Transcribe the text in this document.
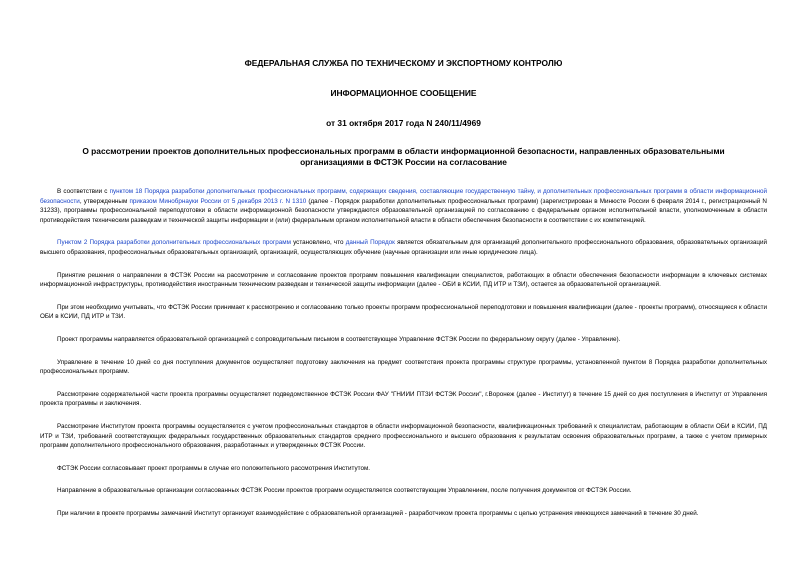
ФЕДЕРАЛЬНАЯ СЛУЖБА ПО ТЕХНИЧЕСКОМУ И ЭКСПОРТНОМУ КОНТРОЛЮ

ИНФОРМАЦИОННОЕ СООБЩЕНИЕ

от 31 октября 2017 года N 240/11/4969

О рассмотрении проектов дополнительных профессиональных программ в области информационной безопасности, направленных образовательными организациями в ФСТЭК России на согласование

В соответствии с пунктом 18 Порядка разработки дополнительных профессиональных программ, содержащих сведения, составляющие государственную тайну, и дополнительных профессиональных программ в области информационной безопасности, утвержденным приказом Минобрнауки России от 5 декабря 2013 г. N 1310 (далее - Порядок разработки дополнительных профессиональных программ) (зарегистрирован в Минюсте России 6 февраля 2014 г., регистрационный N 31233), программы профессиональной переподготовки в области информационной безопасности утверждаются образовательной организацией по согласованию с федеральным органом исполнительной власти, уполномоченным в области противодействия техническим разведкам и технической защиты информации и (или) федеральным органом исполнительной власти в области обеспечения безопасности в соответствии с их компетенцией.

Пунктом 2 Порядка разработки дополнительных профессиональных программ установлено, что данный Порядок является обязательным для организаций дополнительного профессионального образования, образовательных организаций высшего образования, профессиональных образовательных организаций, организаций, осуществляющих обучение (научные организации или иные юридические лица).

Принятие решения о направлении в ФСТЭК России на рассмотрение и согласование проектов программ повышения квалификации специалистов, работающих в области обеспечения безопасности информации в ключевых системах информационной инфраструктуры, противодействия иностранным техническим разведкам и технической защиты информации (далее - ОБИ в КСИИ, ПД ИТР и ТЗИ), остается за образовательной организацией.

При этом необходимо учитывать, что ФСТЭК России принимает к рассмотрению и согласованию только проекты программ профессиональной переподготовки и повышения квалификации (далее - проекты программ), относящиеся к области ОБИ в КСИИ, ПД ИТР и ТЗИ.

Проект программы направляется образовательной организацией с сопроводительным письмом в соответствующее Управление ФСТЭК России по федеральному округу (далее - Управление).

Управление в течение 10 дней со дня поступления документов осуществляет подготовку заключения на предмет соответствия проекта программы структуре программы, установленной пунктом 8 Порядка разработки дополнительных профессиональных программ.

Рассмотрение содержательной части проекта программы осуществляет подведомственное ФСТЭК России ФАУ "ГНИИИ ПТЗИ ФСТЭК России", г.Воронеж (далее - Институт) в течение 15 дней со дня поступления в Институт от Управления проекта программы и заключения.

Рассмотрение Институтом проекта программы осуществляется с учетом профессиональных стандартов в области информационной безопасности, квалификационных требований к специалистам, работающим в области ОБИ в КСИИ, ПД ИТР и ТЗИ, требований соответствующих федеральных государственных образовательных стандартов среднего профессионального и высшего образования к результатам освоения образовательных программ, а также с учетом примерных программ дополнительного профессионального образования, разработанных и утвержденных ФСТЭК России.

ФСТЭК России согласовывает проект программы в случае его положительного рассмотрения Институтом.

Направление в образовательные организации согласованных ФСТЭК России проектов программ осуществляется соответствующим Управлением, после получения документов от ФСТЭК России.

При наличии в проекте программы замечаний Институт организует взаимодействие с образовательной организацией - разработчиком проекта программы с целью устранения имеющихся замечаний в течение 30 дней.
